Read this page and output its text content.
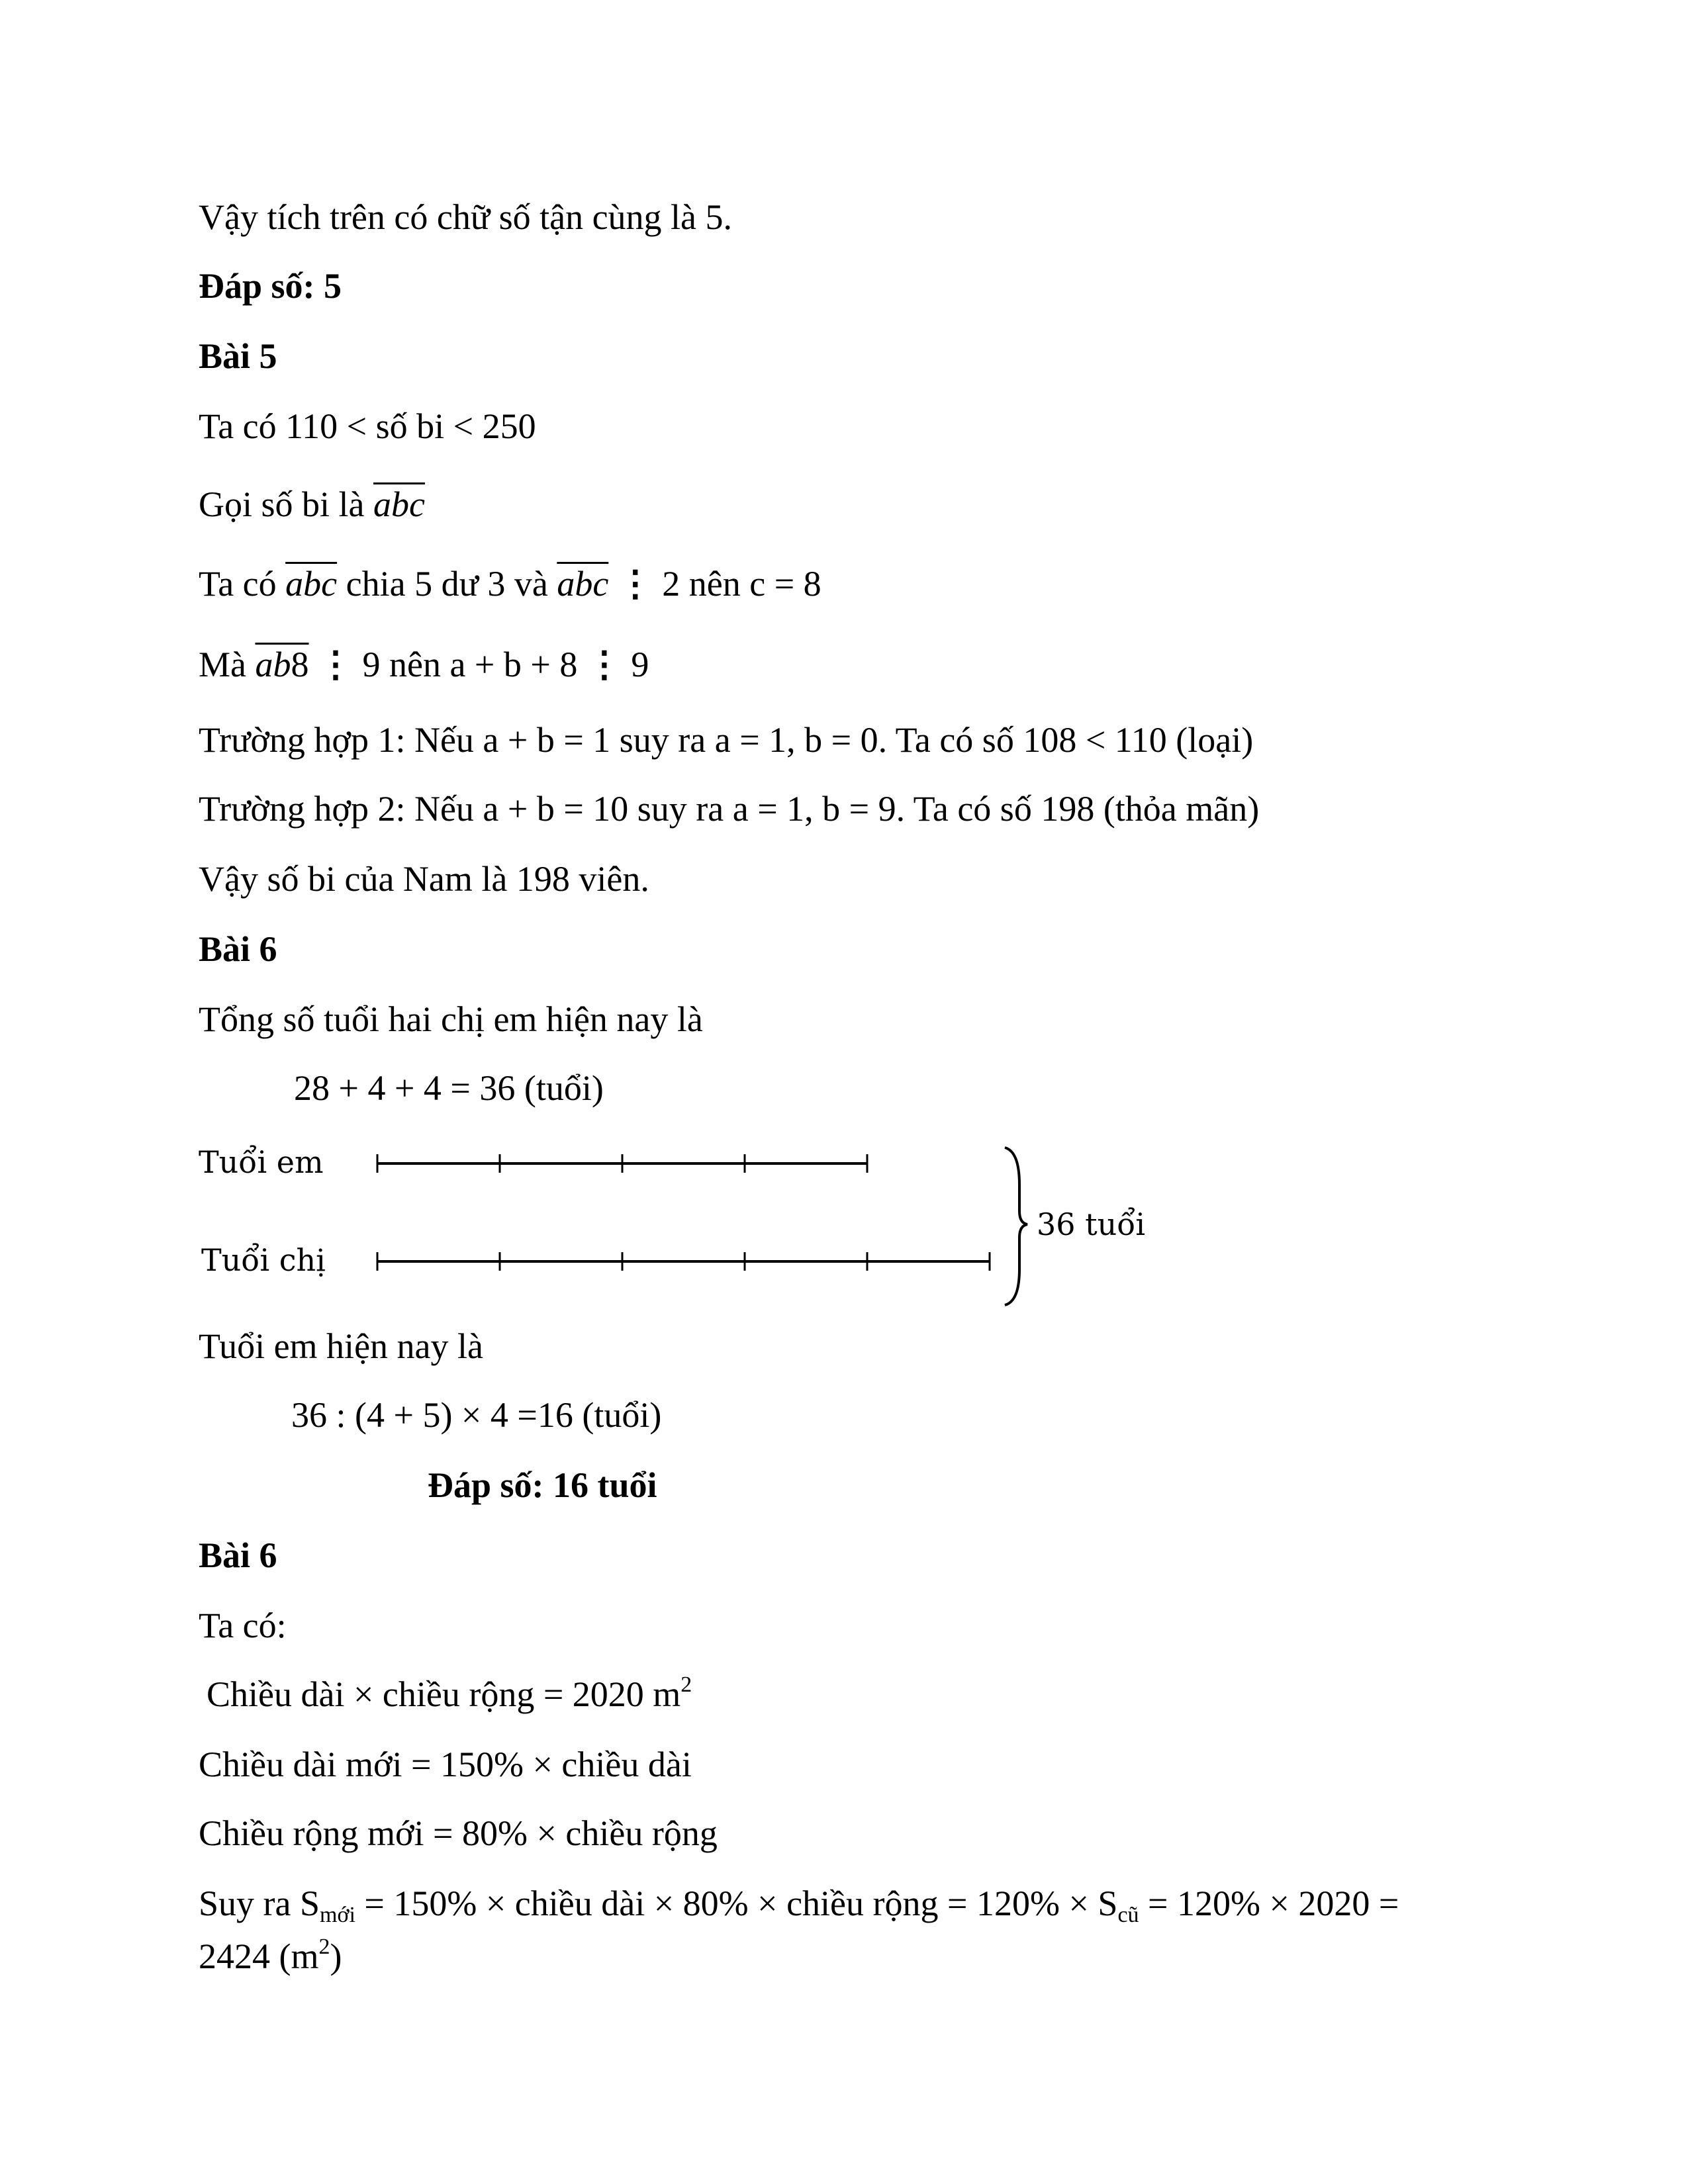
Vậy tích trên có chữ số tận cùng là 5.
Đáp số: 5
Bài 5
Ta có 110 < số bi < 250
Gọi số bi là $\overline{abc}$
Ta có $\overline{abc}$ chia 5 dư 3 và $\overline{abc}$ ⋮ 2 nên c = 8
Mà ab8 ⋮ 9 nên a + b + 8 ⋮ 9
Trường hợp 1: Nếu a + b = 1 suy ra a = 1, b = 0. Ta có số 108 < 110 (loại)
Trường hợp 2: Nếu a + b = 10 suy ra a = 1, b = 9. Ta có số 198 (thỏa mãn)
Vậy số bi của Nam là 198 viên.
Bài 6
Tổng số tuổi hai chị em hiện nay là
28 + 4 + 4 = 36 (tuổi)
Tuổi em
Tuổi chị
36 tuổi
Tuổi em hiện nay là
36 : (4 + 5) × 4 =16 (tuổi)
Đáp số: 16 tuổi
Bài 6
Ta có:
Chiều dài × chiều rộng = 2020 $m^2$
Chiều dài mới = 150% × chiều dài
Chiều rộng mới = 80% × chiều rộng
Suy ra $S_{mới} = 150\%$ × chiều dài × 80% × chiều rộng = $120\% \times S_{cũ} = 120\% \times 2020$ =
2424 $(m^2)$
